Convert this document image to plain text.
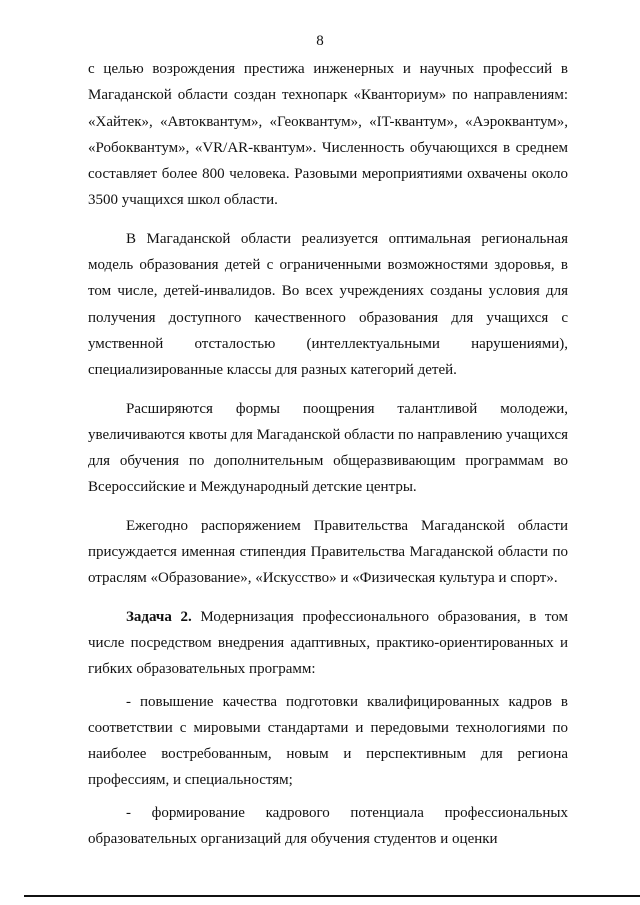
8

с целью возрождения престижа инженерных и научных профессий в Магаданской области создан технопарк «Кванториум» по направлениям: «Хайтек», «Автоквантум», «Геоквантум», «IT-квантум», «Аэроквантум», «Робоквантум», «VR/AR-квантум». Численность обучающихся в среднем составляет более 800 человека. Разовыми мероприятиями охвачены около 3500 учащихся школ области.

В Магаданской области реализуется оптимальная региональная модель образования детей с ограниченными возможностями здоровья, в том числе, детей-инвалидов. Во всех учреждениях созданы условия для получения доступного качественного образования для учащихся с умственной отсталостью (интеллектуальными нарушениями), специализированные классы для разных категорий детей.

Расширяются формы поощрения талантливой молодежи, увеличиваются квоты для Магаданской области по направлению учащихся для обучения по дополнительным общеразвивающим программам во Всероссийские и Международный детские центры.

Ежегодно распоряжением Правительства Магаданской области присуждается именная стипендия Правительства Магаданской области по отраслям «Образование», «Искусство» и «Физическая культура и спорт».

Задача 2. Модернизация профессионального образования, в том числе посредством внедрения адаптивных, практико-ориентированных и гибких образовательных программ:

- повышение качества подготовки квалифицированных кадров в соответствии с мировыми стандартами и передовыми технологиями по наиболее востребованным, новым и перспективным для региона профессиям, и специальностям;

- формирование кадрового потенциала профессиональных образовательных организаций для обучения студентов и оценки
